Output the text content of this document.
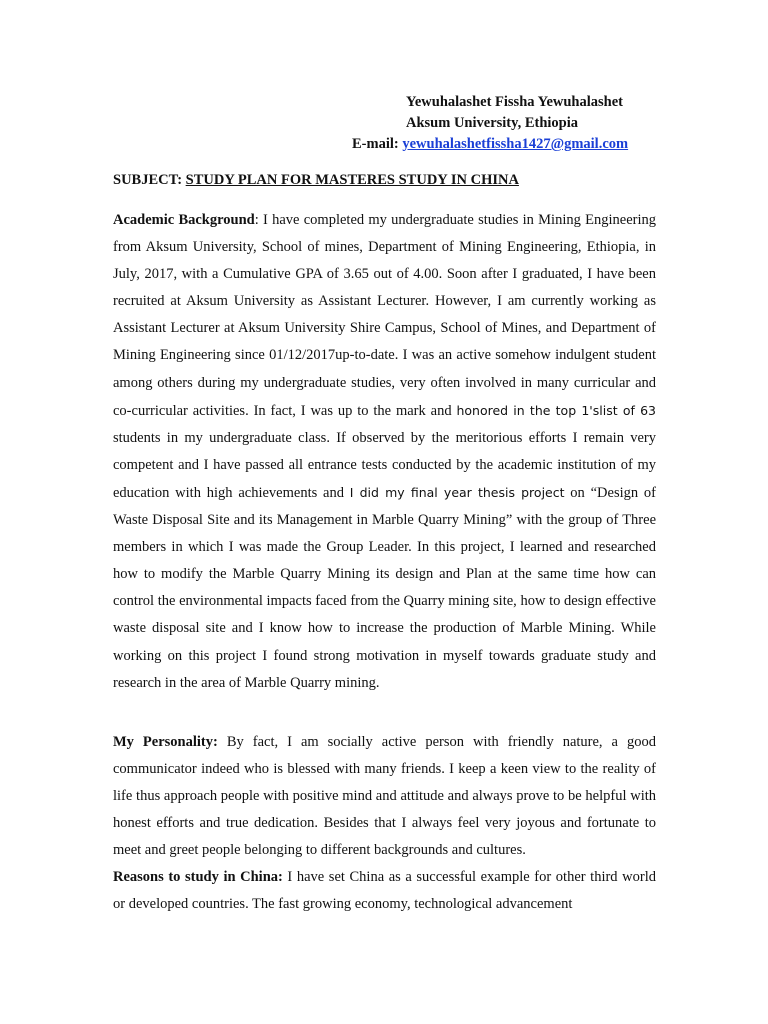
Yewuhalashet Fissha Yewuhalashet
Aksum University, Ethiopia
E-mail: yewuhalashetfissha1427@gmail.com
SUBJECT: STUDY PLAN FOR MASTERES STUDY IN CHINA

Academic Background: I have completed my undergraduate studies in Mining Engineering from Aksum University, School of mines, Department of Mining Engineering, Ethiopia, in July, 2017, with a Cumulative GPA of 3.65 out of 4.00. Soon after I graduated, I have been recruited at Aksum University as Assistant Lecturer. However, I am currently working as Assistant Lecturer at Aksum University Shire Campus, School of Mines, and Department of Mining Engineering since 01/12/2017up-to-date. I was an active somehow indulgent student among others during my undergraduate studies, very often involved in many curricular and co-curricular activities. In fact, I was up to the mark and honored in the top 1'slist of 63 students in my undergraduate class. If observed by the meritorious efforts I remain very competent and I have passed all entrance tests conducted by the academic institution of my education with high achievements and I did my final year thesis project on “Design of Waste Disposal Site and its Management in Marble Quarry Mining” with the group of Three members in which I was made the Group Leader. In this project, I learned and researched how to modify the Marble Quarry Mining its design and Plan at the same time how can control the environmental impacts faced from the Quarry mining site, how to design effective waste disposal site and I know how to increase the production of Marble Mining. While working on this project I found strong motivation in myself towards graduate study and research in the area of Marble Quarry mining.

My Personality: By fact, I am socially active person with friendly nature, a good communicator indeed who is blessed with many friends. I keep a keen view to the reality of life thus approach people with positive mind and attitude and always prove to be helpful with honest efforts and true dedication. Besides that I always feel very joyous and fortunate to meet and greet people belonging to different backgrounds and cultures.

Reasons to study in China: I have set China as a successful example for other third world or developed countries. The fast growing economy, technological advancement
